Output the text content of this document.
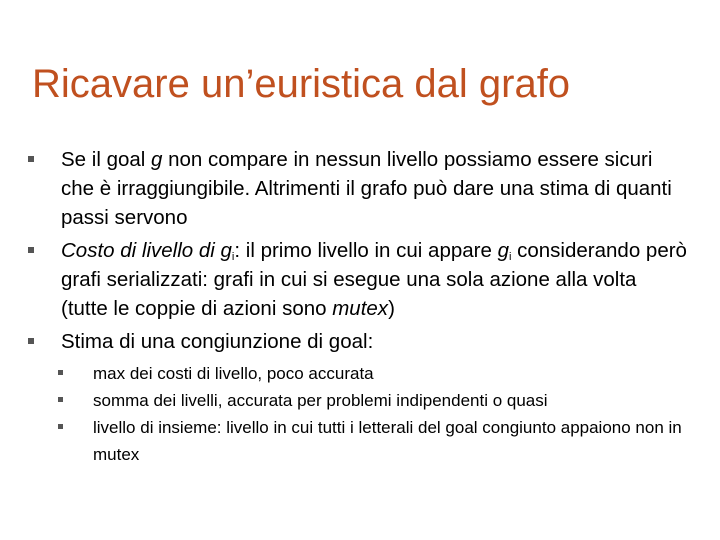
Ricavare un’euristica dal grafo
Se il goal g non compare in nessun livello possiamo essere sicuri che è irraggiungibile. Altrimenti il grafo può dare una stima di quanti passi servono
Costo di livello di $g_i$: il primo livello in cui appare $g_i$ considerando però grafi serializzati: grafi in cui si esegue una sola azione alla volta (tutte le coppie di azioni sono mutex)
Stima di una congiunzione di goal:
max dei costi di livello, poco accurata
somma dei livelli, accurata per problemi indipendenti o quasi
livello di insieme: livello in cui tutti i letterali del goal congiunto appaiono non in mutex
